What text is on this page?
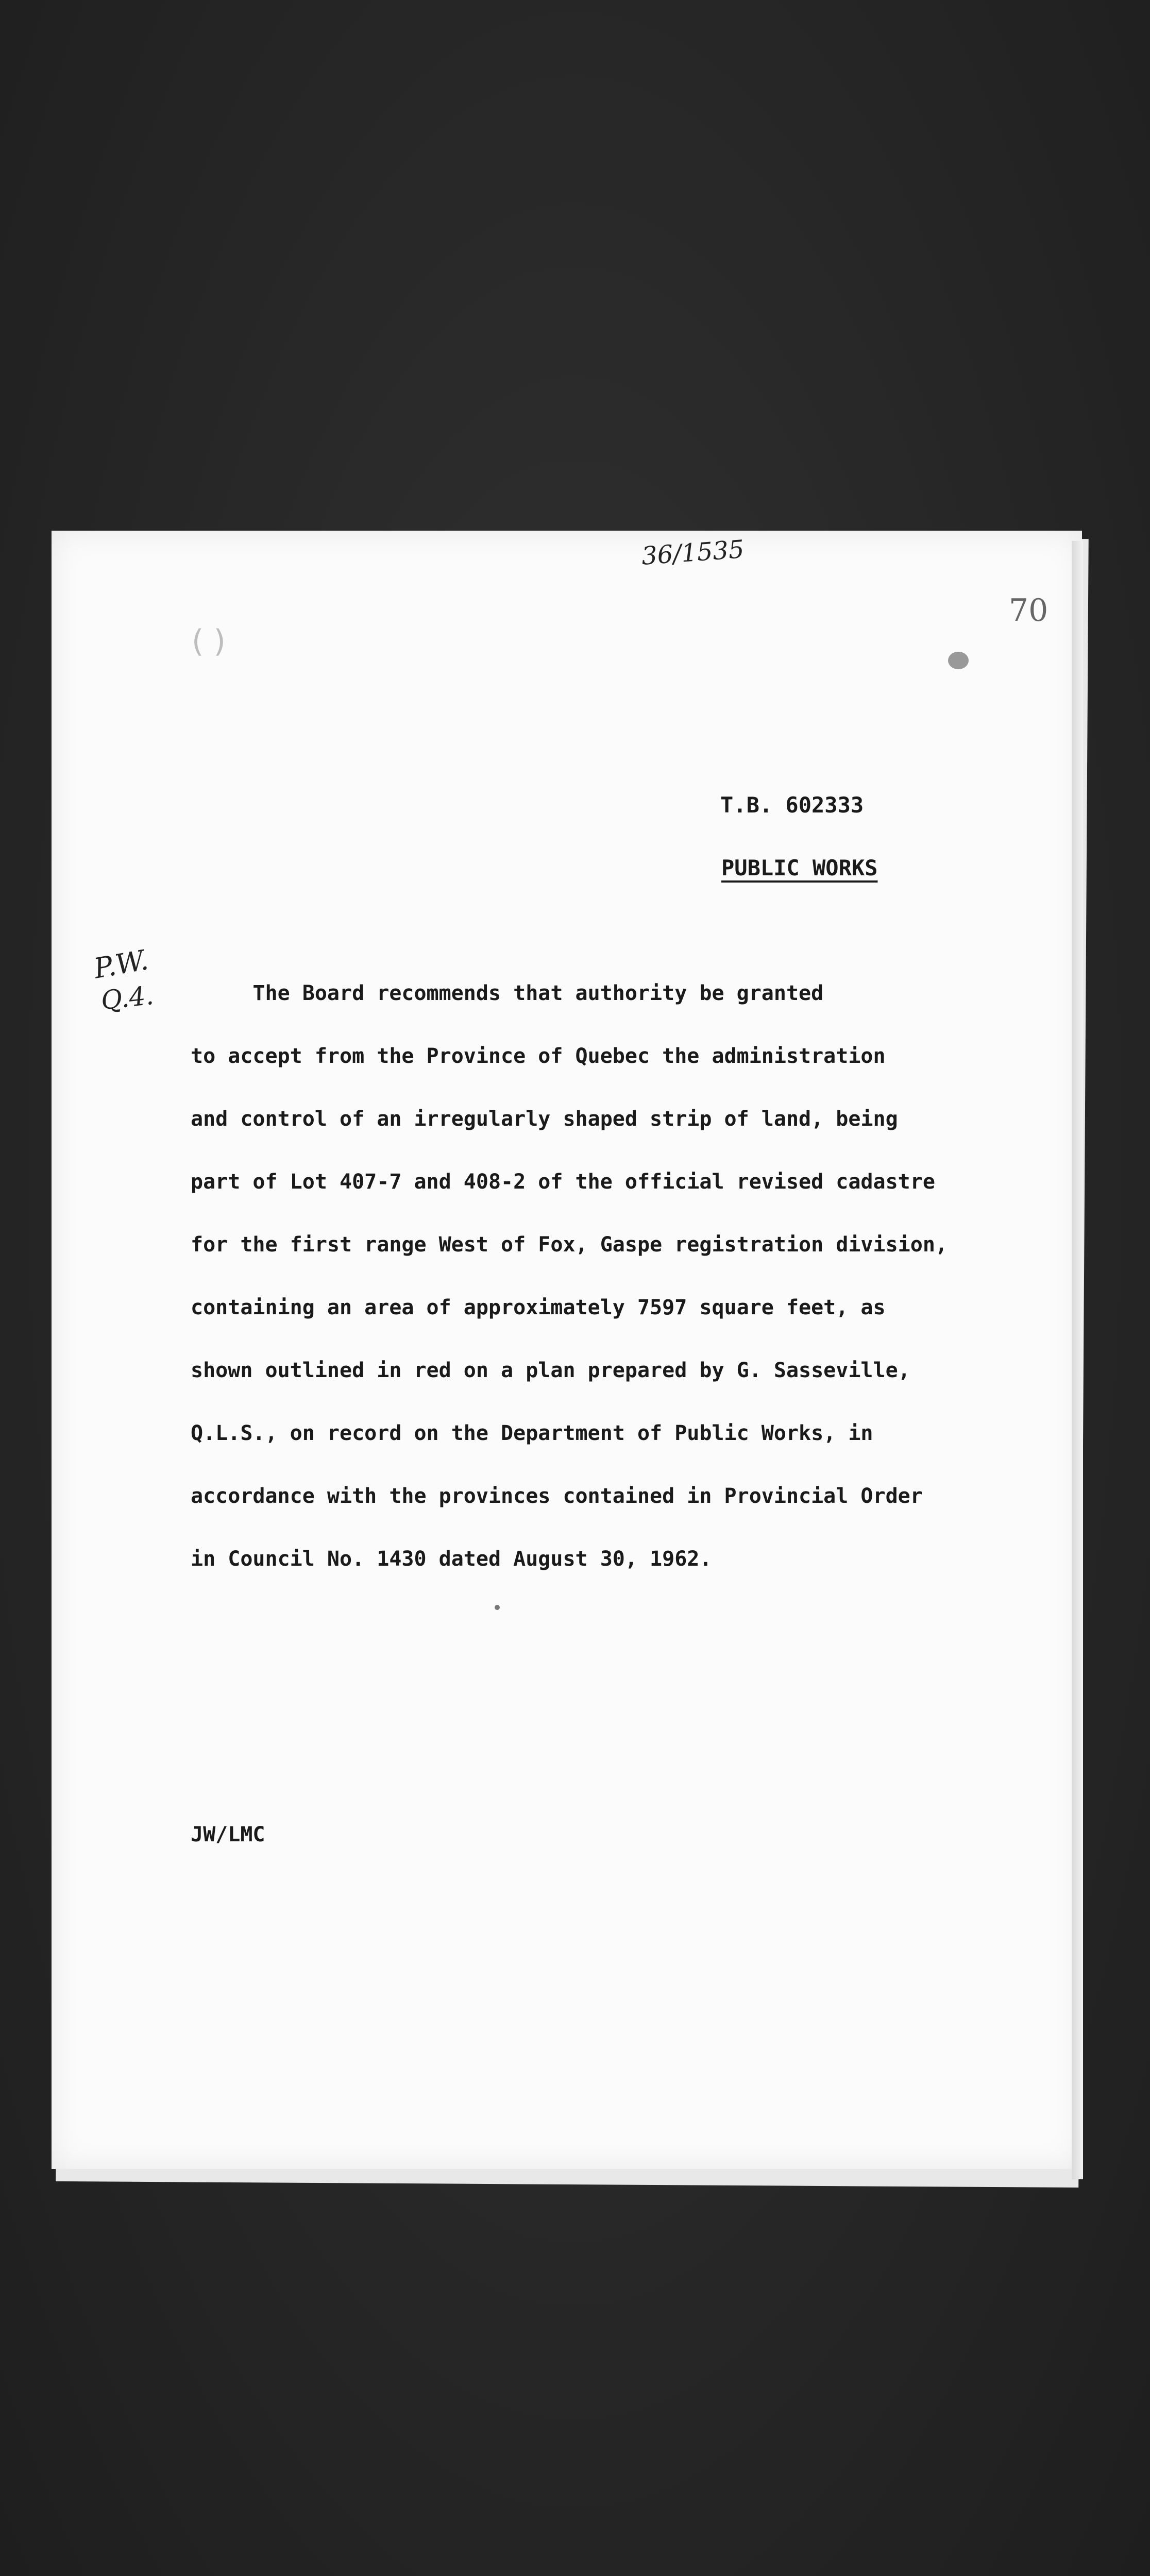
36/1535
70
( )
P.W.
Q.4.
T.B. 602333
PUBLIC WORKS
The Board recommends that authority be granted
to accept from the Province of Quebec the administration
and control of an irregularly shaped strip of land, being
part of Lot 407-7 and 408-2 of the official revised cadastre
for the first range West of Fox, Gaspe registration division,
containing an area of approximately 7597 square feet, as
shown outlined in red on a plan prepared by G. Sasseville,
Q.L.S., on record on the Department of Public Works, in
accordance with the provinces contained in Provincial Order
in Council No. 1430 dated August 30, 1962.
JW/LMC
